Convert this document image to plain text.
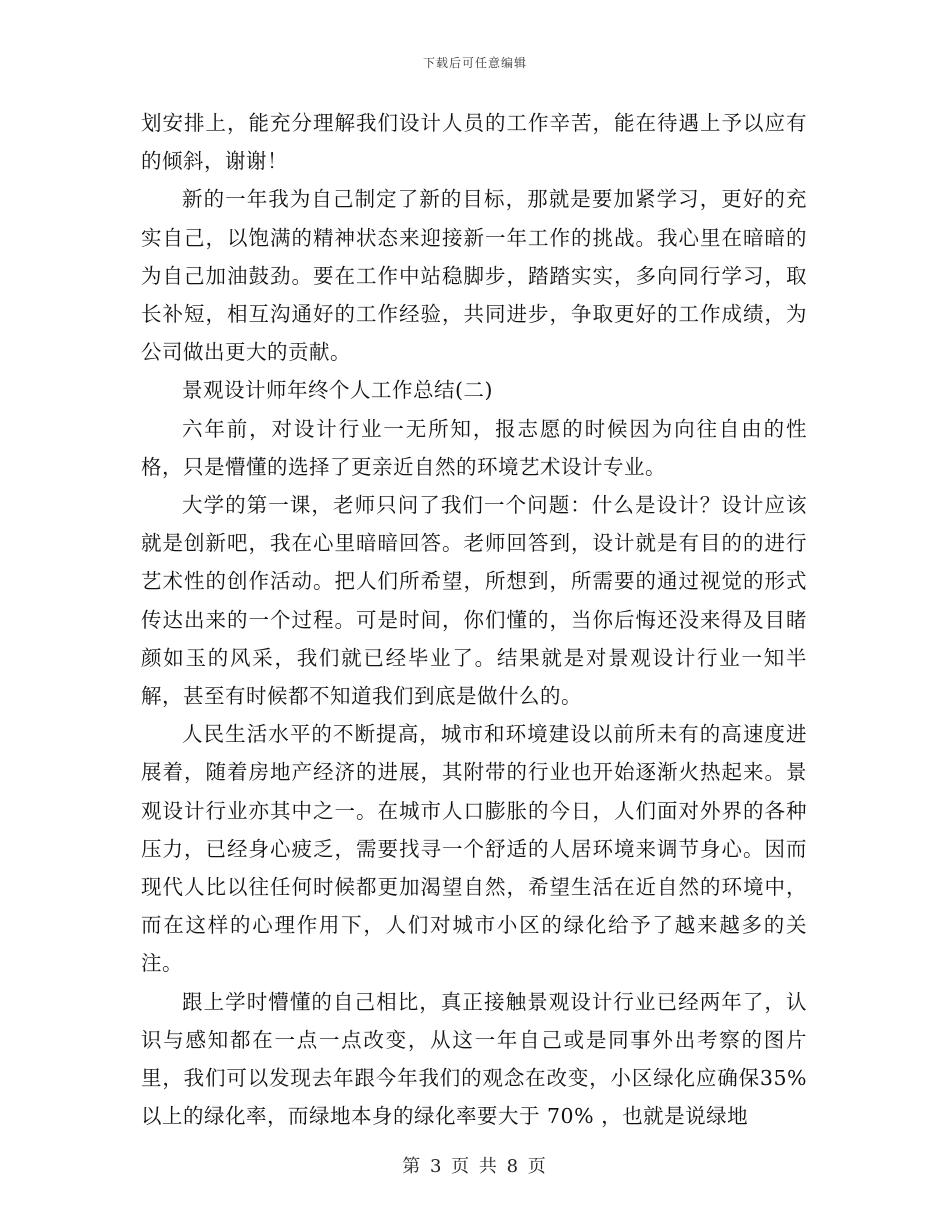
下载后可任意编辑

划安排上，能充分理解我们设计人员的工作辛苦，能在待遇上予以应有的倾斜，谢谢！

新的一年我为自己制定了新的目标，那就是要加紧学习，更好的充实自己，以饱满的精神状态来迎接新一年工作的挑战。我心里在暗暗的为自己加油鼓劲。要在工作中站稳脚步，踏踏实实，多向同行学习，取长补短，相互沟通好的工作经验，共同进步，争取更好的工作成绩，为公司做出更大的贡献。

景观设计师年终个人工作总结(二)

六年前，对设计行业一无所知，报志愿的时候因为向往自由的性格，只是懵懂的选择了更亲近自然的环境艺术设计专业。

大学的第一课，老师只问了我们一个问题：什么是设计？设计应该就是创新吧，我在心里暗暗回答。老师回答到，设计就是有目的的进行艺术性的创作活动。把人们所希望，所想到，所需要的通过视觉的形式传达出来的一个过程。可是时间，你们懂的，当你后悔还没来得及目睹颜如玉的风采，我们就已经毕业了。结果就是对景观设计行业一知半解，甚至有时候都不知道我们到底是做什么的。

人民生活水平的不断提高，城市和环境建设以前所未有的高速度进展着，随着房地产经济的进展，其附带的行业也开始逐渐火热起来。景观设计行业亦其中之一。在城市人口膨胀的今日，人们面对外界的各种压力，已经身心疲乏，需要找寻一个舒适的人居环境来调节身心。因而现代人比以往任何时候都更加渴望自然，希望生活在近自然的环境中，而在这样的心理作用下，人们对城市小区的绿化给予了越来越多的关注。

跟上学时懵懂的自己相比，真正接触景观设计行业已经两年了，认识与感知都在一点一点改变，从这一年自己或是同事外出考察的图片里，我们可以发现去年跟今年我们的观念在改变，小区绿化应确保35% 以上的绿化率，而绿地本身的绿化率要大于 70% ，也就是说绿地

第 3 页 共 8 页
